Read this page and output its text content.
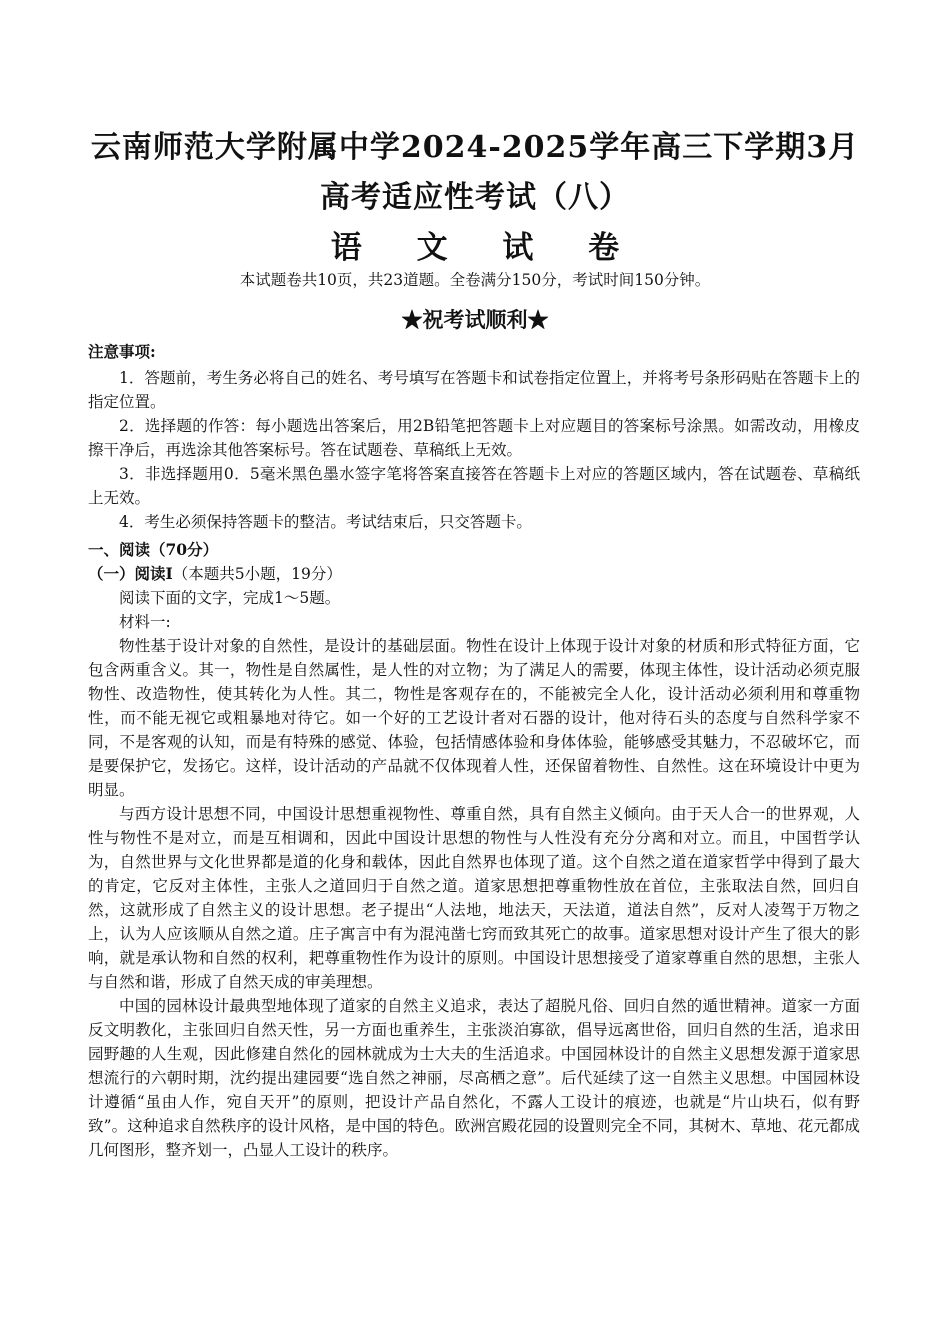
云南师范大学附属中学2024-2025学年高三下学期3月
高考适应性考试（八）
语 文 试 卷
本试题卷共10页，共23道题。全卷满分150分，考试时间150分钟。
★祝考试顺利★
注意事项:

1．答题前，考生务必将自己的姓名、考号填写在答题卡和试卷指定位置上，并将考号条形码贴在答题卡上的指定位置。

2．选择题的作答：每小题选出答案后，用2B铅笔把答题卡上对应题目的答案标号涂黑。如需改动，用橡皮擦干净后，再选涂其他答案标号。答在试题卷、草稿纸上无效。

3．非选择题用0．5毫米黑色墨水签字笔将答案直接答在答题卡上对应的答题区域内，答在试题卷、草稿纸上无效。

4．考生必须保持答题卡的整洁。考试结束后，只交答题卡。

一、阅读（70分）

（一）阅读Ⅰ（本题共5小题，19分）

阅读下面的文字，完成1～5题。

材料一:

物性基于设计对象的自然性，是设计的基础层面。物性在设计上体现于设计对象的材质和形式特征方面，它包含两重含义。其一，物性是自然属性，是人性的对立物；为了满足人的需要，体现主体性，设计活动必须克服物性、改造物性，使其转化为人性。其二，物性是客观存在的，不能被完全人化，设计活动必须利用和尊重物性，而不能无视它或粗暴地对待它。如一个好的工艺设计者对石器的设计，他对待石头的态度与自然科学家不同，不是客观的认知，而是有特殊的感觉、体验，包括情感体验和身体体验，能够感受其魅力，不忍破坏它，而是要保护它，发扬它。这样，设计活动的产品就不仅体现着人性，还保留着物性、自然性。这在环境设计中更为明显。

与西方设计思想不同，中国设计思想重视物性、尊重自然，具有自然主义倾向。由于天人合一的世界观，人性与物性不是对立，而是互相调和，因此中国设计思想的物性与人性没有充分分离和对立。而且，中国哲学认为，自然世界与文化世界都是道的化身和载体，因此自然界也体现了道。这个自然之道在道家哲学中得到了最大的肯定，它反对主体性，主张人之道回归于自然之道。道家思想把尊重物性放在首位，主张取法自然，回归自然，这就形成了自然主义的设计思想。老子提出“人法地，地法天，天法道，道法自然”，反对人凌驾于万物之上，认为人应该顺从自然之道。庄子寓言中有为混沌凿七窍而致其死亡的故事。道家思想对设计产生了很大的影响，就是承认物和自然的权利，耙尊重物性作为设计的原则。中国设计思想接受了道家尊重自然的思想，主张人与自然和谐，形成了自然天成的审美理想。

中国的园林设计最典型地体现了道家的自然主义追求，表达了超脱凡俗、回归自然的遁世精神。道家一方面反文明教化，主张回归自然天性，另一方面也重养生，主张淡泊寡欲，倡导远离世俗，回归自然的生活，追求田园野趣的人生观，因此修建自然化的园林就成为士大夫的生活追求。中国园林设计的自然主义思想发源于道家思想流行的六朝时期，沈约提出建园要“选自然之神丽，尽高栖之意”。后代延续了这一自然主义思想。中国园林设计遵循“虽由人作，宛自天开”的原则，把设计产品自然化，不露人工设计的痕迹，也就是“片山块石，似有野致”。这种追求自然秩序的设计风格，是中国的特色。欧洲宫殿花园的设置则完全不同，其树木、草地、花元都成几何图形，整齐划一，凸显人工设计的秩序。
